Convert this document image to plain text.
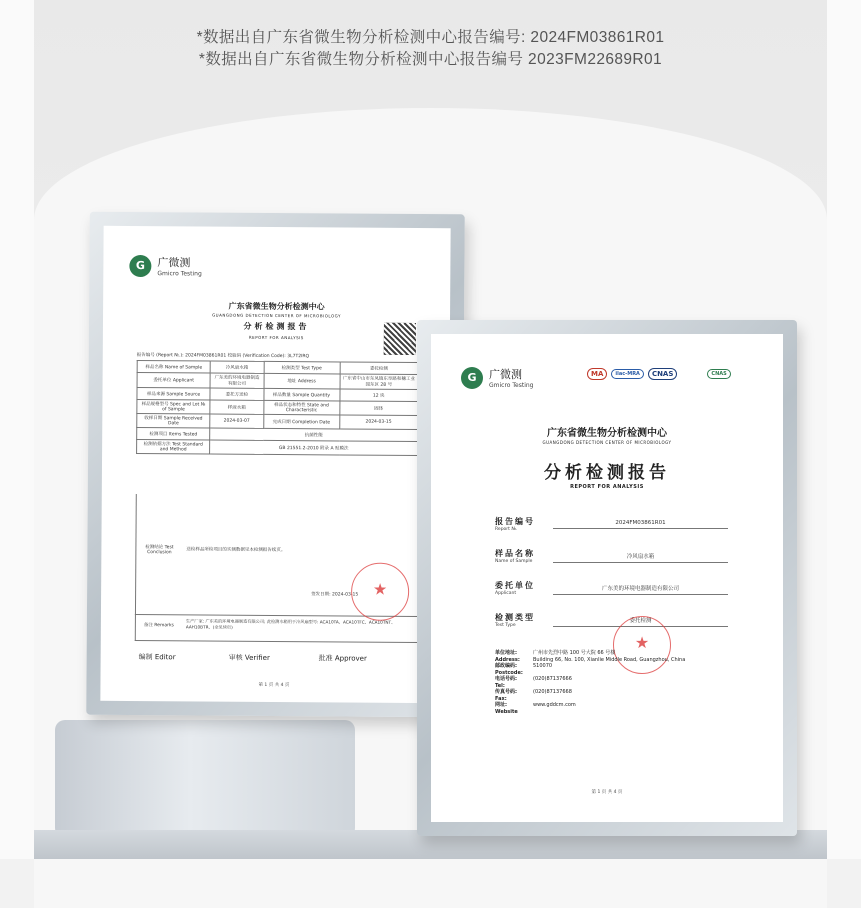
*数据出自广东省微生物分析检测中心报告编号: 2024FM03861R01
*数据出自广东省微生物分析检测中心报告编号 2023FM22689R01
G	广微测
Gmicro Testing
广东省微生物分析检测中心
GUANGDONG DETECTION CENTER OF MICROBIOLOGY
分析检测报告
REPORT FOR ANALYSIS
报告编号 (Report №.): 2024FM03861R01 校验码 (Verification Code): 3L7T2IRQ
样品名称 Name of Sample	冷风扇水箱	检测类型 Test Type	委托检测
委托单位 Applicant	广东美的环境电器制造有限公司	地址 Address	广东省中山市东凤镇东阜路和穗工业园东区 28 号
样品来源 Sample Source	委托方送检	样品数量 Sample Quantity	12 块
样品规格型号 Spec and Lot № of Sample	样液水箱	样品状态和特性 State and Characteristic	固体
收样日期 Sample Received Date	2024-03-07	完成日期 Completion Date	2024-03-15
检测项目 Items Tested	抗菌性能		
检测依据方法 Test Standard and Method	GB 21551.2-2010 附录 A 贴膜法		
检测结论 Test Conclusion	送检样品所检项目的实测数据见本检测报告续页。
签发日期: 2024-03-15
备注 Remarks
生产厂家: 广东美的环境电器制造有限公司; 此检测水箱用于冷风扇型号: ACA10TA、ACA10TFC、ACA10TNT、AAH10BTR、(余见续页)
★
编制 Editor	审核 Verifier	批准 Approver
第 1 页 共 4 页
G	广微测
Gmicro Testing
MA	ilac-MRA	CNAS	CNAS
广东省微生物分析检测中心
GUANGDONG DETECTION CENTER OF MICROBIOLOGY
分析检测报告
REPORT FOR ANALYSIS
报告编号
Report №.
2024FM03861R01
样品名称
Name of Sample
冷风扇水箱
委托单位
Applicant
广东美的环境电器制造有限公司
检测类型
Test Type
委托检测
★
单位地址:	广州市先烈中路 100 号大院 66 号楼
Address:	Building 66, No. 100, Xianlie Middle Road, Guangzhou, China
邮政编码:	510070
Postcode:
电话号码:	(020)87137666
Tel:
传真号码:	(020)87137668
Fax:
网址:	www.gddcm.com
Website
第 1 页 共 4 页
